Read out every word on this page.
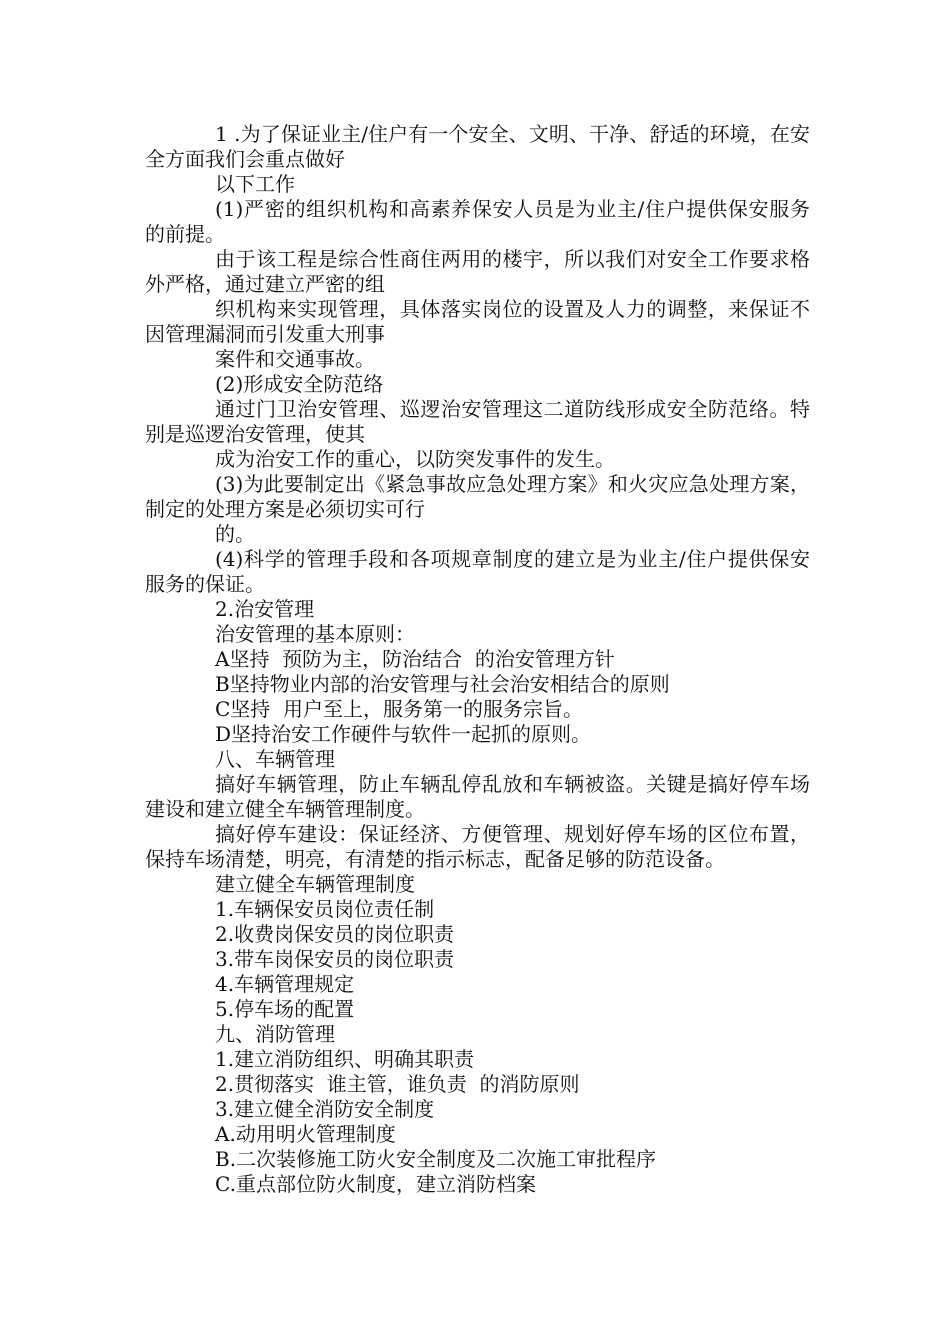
1 .为了保证业主/住户有一个安全、文明、干净、舒适的环境，在安全方面我们会重点做好

以下工作

(1)严密的组织机构和高素养保安人员是为业主/住户提供保安服务的前提。

由于该工程是综合性商住两用的楼宇，所以我们对安全工作要求格外严格，通过建立严密的组

织机构来实现管理，具体落实岗位的设置及人力的调整，来保证不因管理漏洞而引发重大刑事

案件和交通事故。

(2)形成安全防范络

通过门卫治安管理、巡逻治安管理这二道防线形成安全防范络。特别是巡逻治安管理，使其

成为治安工作的重心，以防突发事件的发生。

(3)为此要制定出《紧急事故应急处理方案》和火灾应急处理方案，制定的处理方案是必须切实可行

的。

(4)科学的管理手段和各项规章制度的建立是为业主/住户提供保安服务的保证。

2.治安管理

治安管理的基本原则：

A坚持  预防为主，防治结合  的治安管理方针

B坚持物业内部的治安管理与社会治安相结合的原则

C坚持  用户至上，服务第一的服务宗旨。

D坚持治安工作硬件与软件一起抓的原则。

八、车辆管理

搞好车辆管理，防止车辆乱停乱放和车辆被盗。关键是搞好停车场建设和建立健全车辆管理制度。

搞好停车建设：保证经济、方便管理、规划好停车场的区位布置，保持车场清楚，明亮，有清楚的指示标志，配备足够的防范设备。

建立健全车辆管理制度

1.车辆保安员岗位责任制

2.收费岗保安员的岗位职责

3.带车岗保安员的岗位职责

4.车辆管理规定

5.停车场的配置

九、消防管理

1.建立消防组织、明确其职责

2.贯彻落实  谁主管，谁负责  的消防原则

3.建立健全消防安全制度

A.动用明火管理制度

B.二次装修施工防火安全制度及二次施工审批程序

C.重点部位防火制度，建立消防档案
